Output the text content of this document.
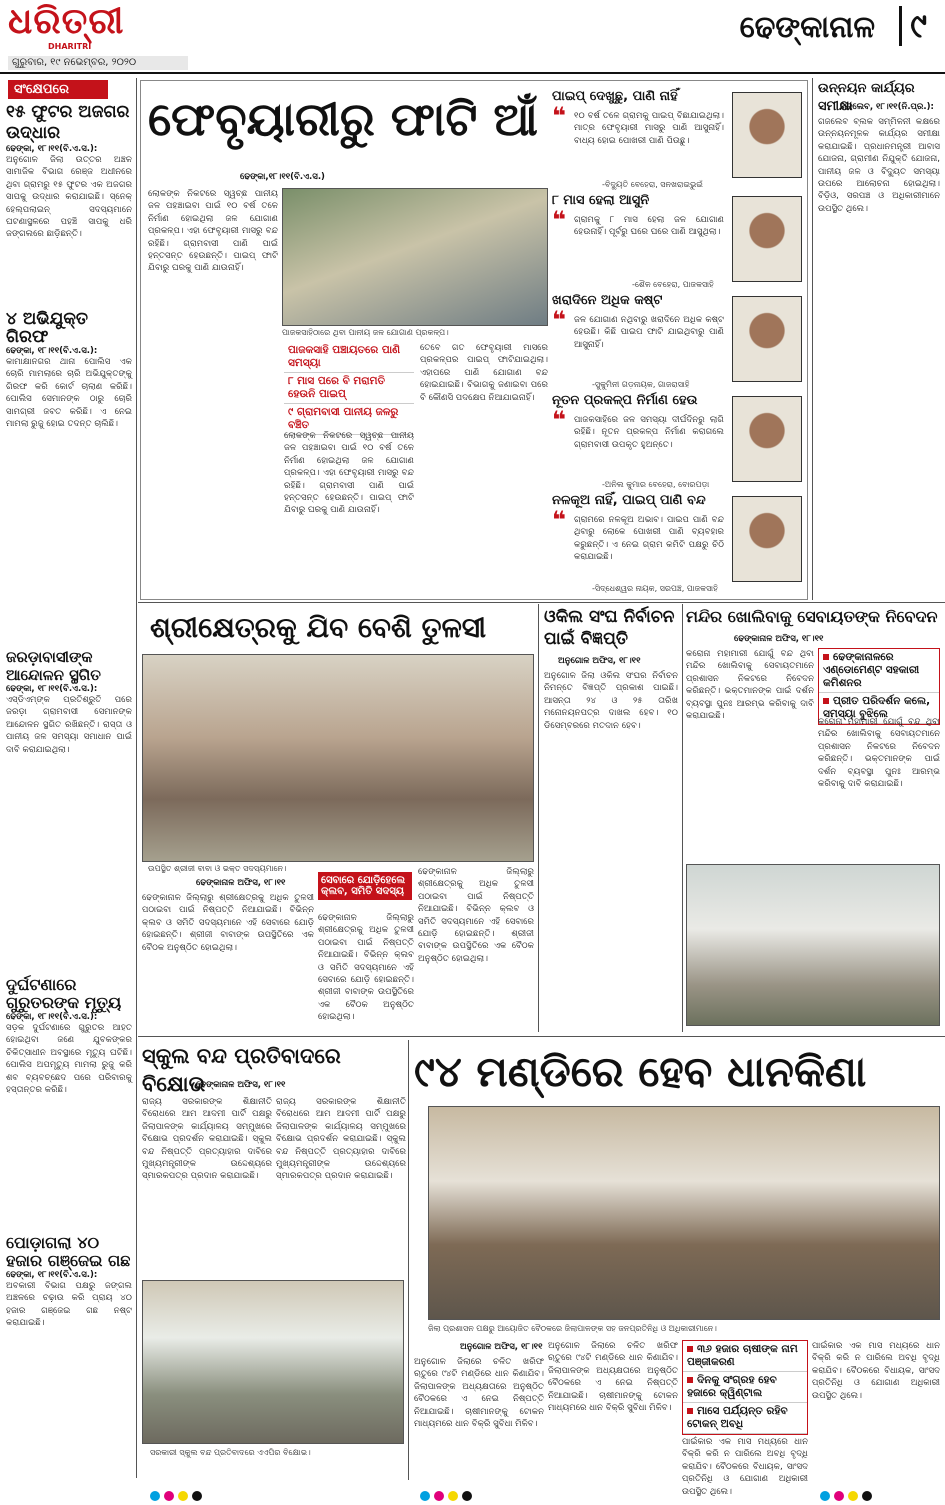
ଧରିତ୍ରୀ
DHARITRI
ଗୁରୁବାର, ୧୯ ନଭେମ୍ବର, ୨୦୨୦
ଢେଙ୍କାନାଳ	୯
ସଂକ୍ଷେପରେ
୧୫ ଫୁଟର ଅଜଗର ଉଦ୍ଧାର
ଢେଙ୍କା, ୧୮।୧୧(ବି.ଏ.ସ.):
ଅନୁଗୋଳ ଜିଲା ଉତ୍ତର ଅଞ୍ଚଳ ସାମାଜିକ ବିଭାଗ ରେଞ୍ଜ ଅଧୀନରେ ଥିବା ଗ୍ରାମରୁ ୧୫ ଫୁଟର ଏକ ଅଜଗର ସାପକୁ ଉଦ୍ଧାର କରାଯାଇଛି। ସ୍ନେକ୍ ହେଲ୍ପଲାଇନ୍ ସଦସ୍ୟମାନେ ଘଟଣାସ୍ଥଳରେ ପହଞ୍ଚି ସାପକୁ ଧରି ଜଙ୍ଗଲରେ ଛାଡ଼ିଛନ୍ତି।
୪ ଅଭିଯୁକ୍ତ ଗିରଫ
ଢେଙ୍କା, ୧୮।୧୧(ବି.ଏ.ସ.):
କାମାକ୍ଷାନଗର ଥାନା ପୋଲିସ ଏକ ଚୋରି ମାମଲାରେ ଚାରି ଅଭିଯୁକ୍ତଙ୍କୁ ଗିରଫ କରି କୋର୍ଟ ଚାଲାଣ କରିଛି। ପୋଲିସ ସେମାନଙ୍କ ଠାରୁ ଚୋରି ସାମଗ୍ରୀ ଜବତ କରିଛି। ଏ ନେଇ ମାମଲା ରୁଜୁ ହୋଇ ତଦନ୍ତ ଚାଲିଛି।
ଜରଡ଼ାବାସୀଙ୍କ ଆନ୍ଦୋଳନ ସ୍ଥଗିତ
ଢେଙ୍କା, ୧୮।୧୧(ବି.ଏ.ସ.):
ଏସ୍‌ଡିଏମ୍‌ଙ୍କ ପ୍ରତିଶ୍ରୁତି ପରେ ଜରଡ଼ା ଗ୍ରାମବାସୀ ସେମାନଙ୍କ ଆନ୍ଦୋଳନ ସ୍ଥଗିତ ରଖିଛନ୍ତି। ରାସ୍ତା ଓ ପାନୀୟ ଜଳ ସମସ୍ୟା ସମାଧାନ ପାଇଁ ଦାବି କରାଯାଇଥିଲା।
ଦୁର୍ଘଟଣାରେ ଗୁରୁତରଙ୍କ ମୃତ୍ୟୁ
ଢେଙ୍କା, ୧୮।୧୧(ବି.ଏ.ସ.):
ସଡ଼କ ଦୁର୍ଘଟଣାରେ ଗୁରୁତର ଆହତ ହୋଇଥିବା ଜଣେ ଯୁବକଙ୍କର ଚିକିତ୍ସାଧୀନ ଅବସ୍ଥାରେ ମୃତ୍ୟୁ ଘଟିଛି। ପୋଲିସ ଅପମୃତ୍ୟୁ ମାମଲା ରୁଜୁ କରି ଶବ ବ୍ୟବଚ୍ଛେଦ ପରେ ପରିବାରକୁ ହସ୍ତାନ୍ତର କରିଛି।
ପୋଡ଼ାଗଲା ୪୦ ହଜାର ଗଞ୍ଜେଇ ଗଛ
ଢେଙ୍କା, ୧୮।୧୧(ବି.ଏ.ସ.):
ଅବକାରୀ ବିଭାଗ ପକ୍ଷରୁ ଜଙ୍ଗଲ ଅଞ୍ଚଳରେ ଚଢ଼ାଉ କରି ପ୍ରାୟ ୪୦ ହଜାର ଗଞ୍ଜେଇ ଗଛ ନଷ୍ଟ କରାଯାଇଛି।
ଫେବୃୟାରୀରୁ ଫାଟି ଆଁ
ଢେଙ୍କା,୧୮।୧୧(ବି.ଏ.ସ.)
ପାଜକସାହିଠାରେ ଥିବା ପାନୀୟ ଜଳ ଯୋଗାଣ ପ୍ରକଳ୍ପ।
ଲୋକଙ୍କ ନିକଟରେ ସ୍ୱଚ୍ଛ ପାନୀୟ ଜଳ ପହଞ୍ଚାଇବା ପାଇଁ ୧୦ ବର୍ଷ ତଳେ ନିର୍ମାଣ ହୋଇଥିଲା ଜଳ ଯୋଗାଣ ପ୍ରକଳ୍ପ। ଏହା ଫେବୃୟାରୀ ମାସରୁ ବନ୍ଦ ରହିଛି। ଗ୍ରାମବାସୀ ପାଣି ପାଇଁ ହନ୍ତସନ୍ତ ହେଉଛନ୍ତି। ପାଇପ୍ ଫାଟି ଯିବାରୁ ଘରକୁ ପାଣି ଯାଉନାହିଁ।
ପାଜକସାହି ପଞ୍ଚାୟତରେ ପାଣି ସମସ୍ୟା
୮ ମାସ ପରେ ବି ମରାମତି ହେଉନି ପାଇପ୍
୯ ଗ୍ରାମବାସୀ ପାନୀୟ ଜଳରୁ ବଞ୍ଚିତ
ଲୋକଙ୍କ ନିକଟରେ ସ୍ୱଚ୍ଛ ପାନୀୟ ଜଳ ପହଞ୍ଚାଇବା ପାଇଁ ୧୦ ବର୍ଷ ତଳେ ନିର୍ମାଣ ହୋଇଥିଲା ଜଳ ଯୋଗାଣ ପ୍ରକଳ୍ପ। ଏହା ଫେବୃୟାରୀ ମାସରୁ ବନ୍ଦ ରହିଛି। ଗ୍ରାମବାସୀ ପାଣି ପାଇଁ ହନ୍ତସନ୍ତ ହେଉଛନ୍ତି। ପାଇପ୍ ଫାଟି ଯିବାରୁ ଘରକୁ ପାଣି ଯାଉନାହିଁ।
ତେବେ ଗତ ଫେବୃୟାରୀ ମାସରେ ପ୍ରକଳ୍ପର ପାଇପ୍ ଫାଟିଯାଇଥିଲା। ଏହାପରେ ପାଣି ଯୋଗାଣ ବନ୍ଦ ହୋଇଯାଇଛି। ବିଭାଗକୁ ଜଣାଇବା ପରେ ବି କୌଣସି ପଦକ୍ଷେପ ନିଆଯାଇନାହିଁ।
ପାଇପ୍ ଦେଖୁଛୁ, ପାଣି ନାହିଁ
❝ ୧୦ ବର୍ଷ ତଳେ ଗ୍ରାମକୁ ପାଇପ୍ ବିଛାଯାଇଥିଲା। ମାତ୍ର ଫେବୃୟାରୀ ମାସରୁ ପାଣି ଆସୁନାହିଁ। ବାଧ୍ୟ ହୋଇ ପୋଖରୀ ପାଣି ପିଉଛୁ।
-ବିଦ୍ୟୁତି ବେହେରା, ସନଖରାଇଭୁଇଁ
୮ ମାସ ହେଲା ଆସୁନି
❝ ଗ୍ରାମକୁ ୮ ମାସ ହେଲା ଜଳ ଯୋଗାଣ ହେଉନାହିଁ। ପୂର୍ବରୁ ଘରେ ଘରେ ପାଣି ଆସୁଥିଲା।
-ଶୈଳ ବେହେରା, ପାଜକସାହି
ଖରାଦିନେ ଅଧିକ କଷ୍ଟ
❝ ଜଳ ଯୋଗାଣ ନଥିବାରୁ ଖରାଦିନେ ଅଧିକ କଷ୍ଟ ହେଉଛି। କିଛି ପାଇପ ଫାଟି ଯାଇଥିବାରୁ ପାଣି ଆସୁନାହିଁ।
-ସୁକୁମିନୀ ଗଡ଼ନାୟକ, ଗାଜରାସାହି
ନୂତନ ପ୍ରକଳ୍ପ ନିର୍ମାଣ ହେଉ
❝ ପାଜକସାହିରେ ଜଳ ସମସ୍ୟା ଦୀର୍ଘଦିନରୁ ଲାଗି ରହିଛି। ନୂତନ ପ୍ରକଳ୍ପ ନିର୍ମାଣ କରାଗଲେ ଗ୍ରାମବାସୀ ଉପକୃତ ହୁଅନ୍ତେ।
-ଅନିଲ କୁମାର ବେହେରା, ବୋରପଡ଼ା
ନଳକୂଅ ନାହିଁ, ପାଇପ୍ ପାଣି ବନ୍ଦ
❝ ଗ୍ରାମରେ ନଳକୂଅ ଅଭାବ। ପାଇପ ପାଣି ବନ୍ଦ ଥିବାରୁ ଲୋକେ ପୋଖରୀ ପାଣି ବ୍ୟବହାର କରୁଛନ୍ତି। ଏ ନେଇ ଗ୍ରାମ କମିଟି ପକ୍ଷରୁ ଚିଠି କରାଯାଇଛି।
-ସିଦ୍ଧେଶ୍ୱର ନାୟକ, ସରପଞ୍ଚ, ପାଜକସାହି
ଉନ୍ନୟନ କାର୍ଯ୍ୟର ସମୀକ୍ଷା
ଗଜଲେବ, ୧୮।୧୧(ନି.ପ୍ର.):
ଗଜଲେବ ବ୍ଲକ ସମ୍ମିଳନୀ କକ୍ଷରେ ଉନ୍ନୟନମୂଳକ କାର୍ଯ୍ୟର ସମୀକ୍ଷା କରାଯାଇଛି। ପ୍ରଧାନମନ୍ତ୍ରୀ ଆବାସ ଯୋଜନା, ଗ୍ରାମୀଣ ନିଯୁକ୍ତି ଯୋଜନା, ପାନୀୟ ଜଳ ଓ ବିଦ୍ୟୁତ ସମସ୍ୟା ଉପରେ ଆଲୋଚନା ହୋଇଥିଲା। ବିଡ଼ିଓ, ସରପଞ୍ଚ ଓ ଅଧିକାରୀମାନେ ଉପସ୍ଥିତ ଥିଲେ।
ଶ୍ରୀକ୍ଷେତ୍ରକୁ ଯିବ ବେଶି ତୁଳସୀ
ଉପସ୍ଥିତ ଶ୍ରୀଜୀ ବାବା ଓ ଭକ୍ତ ସଦସ୍ୟମାନେ।
ଢେଙ୍କାନାଳ ଅଫିସ, ୧୮।୧୧	ସେବାରେ ଯୋଡ଼ିହେଲେ କ୍ଲବ, ସମିତି ସଦସ୍ୟ
ଢେଙ୍କାନାଳ ଜିଲ୍ଲାରୁ ଶ୍ରୀକ୍ଷେତ୍ରକୁ ଅଧିକ ତୁଳସୀ ପଠାଇବା ପାଇଁ ନିଷ୍ପତ୍ତି ନିଆଯାଇଛି। ବିଭିନ୍ନ କ୍ଲବ ଓ ସମିତି ସଦସ୍ୟମାନେ ଏହି ସେବାରେ ଯୋଡ଼ି ହୋଇଛନ୍ତି। ଶ୍ରୀଜୀ ବାବାଙ୍କ ଉପସ୍ଥିତିରେ ଏକ ବୈଠକ ଅନୁଷ୍ଠିତ ହୋଇଥିଲା।
ଢେଙ୍କାନାଳ ଜିଲ୍ଲାରୁ ଶ୍ରୀକ୍ଷେତ୍ରକୁ ଅଧିକ ତୁଳସୀ ପଠାଇବା ପାଇଁ ନିଷ୍ପତ୍ତି ନିଆଯାଇଛି। ବିଭିନ୍ନ କ୍ଲବ ଓ ସମିତି ସଦସ୍ୟମାନେ ଏହି ସେବାରେ ଯୋଡ଼ି ହୋଇଛନ୍ତି। ଶ୍ରୀଜୀ ବାବାଙ୍କ ଉପସ୍ଥିତିରେ ଏକ ବୈଠକ ଅନୁଷ୍ଠିତ ହୋଇଥିଲା।
ଢେଙ୍କାନାଳ ଜିଲ୍ଲାରୁ ଶ୍ରୀକ୍ଷେତ୍ରକୁ ଅଧିକ ତୁଳସୀ ପଠାଇବା ପାଇଁ ନିଷ୍ପତ୍ତି ନିଆଯାଇଛି। ବିଭିନ୍ନ କ୍ଲବ ଓ ସମିତି ସଦସ୍ୟମାନେ ଏହି ସେବାରେ ଯୋଡ଼ି ହୋଇଛନ୍ତି। ଶ୍ରୀଜୀ ବାବାଙ୍କ ଉପସ୍ଥିତିରେ ଏକ ବୈଠକ ଅନୁଷ୍ଠିତ ହୋଇଥିଲା।
ଓକିଲ ସଂଘ ନିର୍ବାଚନ ପାଇଁ ବିଜ୍ଞପ୍ତି
ଅନୁଗୋଳ ଅଫିସ, ୧୮।୧୧
ଅନୁଗୋଳ ଜିଲା ଓକିଲ ସଂଘର ନିର୍ବାଚନ ନିମନ୍ତେ ବିଜ୍ଞପ୍ତି ପ୍ରକାଶ ପାଇଛି। ଆସନ୍ତା ୨୪ ଓ ୨୫ ତାରିଖ ମନୋନୟନପତ୍ର ଦାଖଲ ହେବ। ୧୦ ଡିସେମ୍ବରରେ ମତଦାନ ହେବ।
ମନ୍ଦିର ଖୋଲିବାକୁ ସେବାୟତଙ୍କ ନିବେଦନ
ଢେଙ୍କାନାଳ ଅଫିସ, ୧୮।୧୧
କରୋନା ମହାମାରୀ ଯୋଗୁଁ ବନ୍ଦ ଥିବା ମନ୍ଦିର ଖୋଲିବାକୁ ସେବାୟତମାନେ ପ୍ରଶାସନ ନିକଟରେ ନିବେଦନ କରିଛନ୍ତି। ଭକ୍ତମାନଙ୍କ ପାଇଁ ଦର୍ଶନ ବ୍ୟବସ୍ଥା ପୁନଃ ଆରମ୍ଭ କରିବାକୁ ଦାବି କରାଯାଇଛି।
ଢେଙ୍କାନାଳରେ ଏଣ୍ଡୋମେଣ୍ଟ ସହକାରୀ କମିଶନର
ପ୍ରୀତ ପରିଦର୍ଶନ କଲେ, ସମସ୍ୟା ବୁଝିଲେ
କରୋନା ମହାମାରୀ ଯୋଗୁଁ ବନ୍ଦ ଥିବା ମନ୍ଦିର ଖୋଲିବାକୁ ସେବାୟତମାନେ ପ୍ରଶାସନ ନିକଟରେ ନିବେଦନ କରିଛନ୍ତି। ଭକ୍ତମାନଙ୍କ ପାଇଁ ଦର୍ଶନ ବ୍ୟବସ୍ଥା ପୁନଃ ଆରମ୍ଭ କରିବାକୁ ଦାବି କରାଯାଇଛି।
ସ୍କୁଲ ବନ୍ଦ ପ୍ରତିବାଦରେ ବିକ୍ଷୋଭ
ଢେଙ୍କାନାଳ ଅଫିସ, ୧୮।୧୧
ରାଜ୍ୟ ସରକାରଙ୍କ ଶିକ୍ଷାନୀତି ବିରୋଧରେ ଆମ ଆଦମୀ ପାର୍ଟି ପକ୍ଷରୁ ଜିଲାପାଳଙ୍କ କାର୍ଯ୍ୟାଳୟ ସମ୍ମୁଖରେ ବିକ୍ଷୋଭ ପ୍ରଦର୍ଶନ କରାଯାଇଛି। ସ୍କୁଲ ବନ୍ଦ ନିଷ୍ପତ୍ତି ପ୍ରତ୍ୟାହାର ଦାବିରେ ମୁଖ୍ୟମନ୍ତ୍ରୀଙ୍କ ଉଦ୍ଦେଶ୍ୟରେ ସ୍ମାରକପତ୍ର ପ୍ରଦାନ କରାଯାଇଛି।
ରାଜ୍ୟ ସରକାରଙ୍କ ଶିକ୍ଷାନୀତି ବିରୋଧରେ ଆମ ଆଦମୀ ପାର୍ଟି ପକ୍ଷରୁ ଜିଲାପାଳଙ୍କ କାର୍ଯ୍ୟାଳୟ ସମ୍ମୁଖରେ ବିକ୍ଷୋଭ ପ୍ରଦର୍ଶନ କରାଯାଇଛି। ସ୍କୁଲ ବନ୍ଦ ନିଷ୍ପତ୍ତି ପ୍ରତ୍ୟାହାର ଦାବିରେ ମୁଖ୍ୟମନ୍ତ୍ରୀଙ୍କ ଉଦ୍ଦେଶ୍ୟରେ ସ୍ମାରକପତ୍ର ପ୍ରଦାନ କରାଯାଇଛି।
ସରକାରୀ ସ୍କୁଲ ବନ୍ଦ ପ୍ରତିବାଦରେ ଏଏପିର ବିକ୍ଷୋଭ।
୯୪ ମଣ୍ଡିରେ ହେବ ଧାନକିଣା
ଜିଲା ପ୍ରଶାସନ ପକ୍ଷରୁ ଆୟୋଜିତ ବୈଠକରେ ଜିଲାପାଳଙ୍କ ସହ ଜନପ୍ରତିନିଧି ଓ ଅଧିକାରୀମାନେ।
ଅନୁଗୋଳ ଅଫିସ, ୧୮।୧୧
ଅନୁଗୋଳ ଜିଲାରେ ଚଳିତ ଖରିଫ ଋତୁରେ ୯୪ଟି ମଣ୍ଡିରେ ଧାନ କିଣାଯିବ। ଜିଲାପାଳଙ୍କ ଅଧ୍ୟକ୍ଷତାରେ ଅନୁଷ୍ଠିତ ବୈଠକରେ ଏ ନେଇ ନିଷ୍ପତ୍ତି ନିଆଯାଇଛି। ଚାଷୀମାନଙ୍କୁ ଟୋକନ ମାଧ୍ୟମରେ ଧାନ ବିକ୍ରି ସୁବିଧା ମିଳିବ।
ଅନୁଗୋଳ ଜିଲାରେ ଚଳିତ ଖରିଫ ଋତୁରେ ୯୪ଟି ମଣ୍ଡିରେ ଧାନ କିଣାଯିବ। ଜିଲାପାଳଙ୍କ ଅଧ୍ୟକ୍ଷତାରେ ଅନୁଷ୍ଠିତ ବୈଠକରେ ଏ ନେଇ ନିଷ୍ପତ୍ତି ନିଆଯାଇଛି। ଚାଷୀମାନଙ୍କୁ ଟୋକନ ମାଧ୍ୟମରେ ଧାନ ବିକ୍ରି ସୁବିଧା ମିଳିବ।
୩୬ ହଜାର ଚାଷୀଙ୍କ ନାମ ପଞ୍ଜୀକରଣ
ଦିନକୁ ସଂଗ୍ରହ ହେବ ହଜାରେ କ୍ୱିଣ୍ଟାଲ
ମାସେ ପର୍ଯ୍ୟନ୍ତ ରହିବ ଟୋକନ୍ ଅବଧି
ପାଇଁକାର ଏକ ମାସ ମଧ୍ୟରେ ଧାନ ବିକ୍ରି କରି ନ ପାରିଲେ ଅବଧି ବୃଦ୍ଧି କରାଯିବ। ବୈଠକରେ ବିଧାୟକ, ସାଂସଦ ପ୍ରତିନିଧି ଓ ଯୋଗାଣ ଅଧିକାରୀ ଉପସ୍ଥିତ ଥିଲେ।
ପାଇଁକାର ଏକ ମାସ ମଧ୍ୟରେ ଧାନ ବିକ୍ରି କରି ନ ପାରିଲେ ଅବଧି ବୃଦ୍ଧି କରାଯିବ। ବୈଠକରେ ବିଧାୟକ, ସାଂସଦ ପ୍ରତିନିଧି ଓ ଯୋଗାଣ ଅଧିକାରୀ ଉପସ୍ଥିତ ଥିଲେ।
